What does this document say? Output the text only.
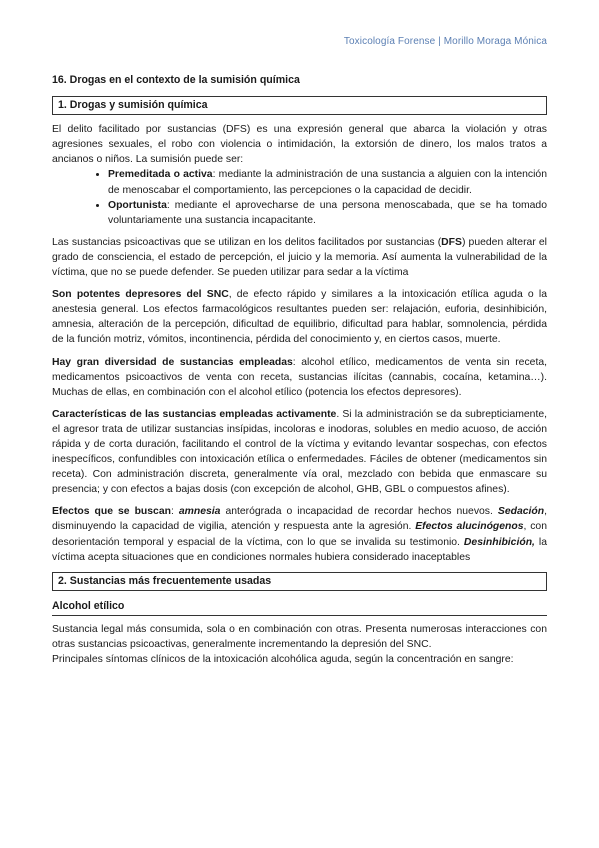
Toxicología Forense | Morillo Moraga Mónica
16. Drogas en el contexto de la sumisión química
1. Drogas y sumisión química
El delito facilitado por sustancias (DFS) es una expresión general que abarca la violación y otras agresiones sexuales, el robo con violencia o intimidación, la extorsión de dinero, los malos tratos a ancianos o niños. La sumisión puede ser:
• Premeditada o activa: mediante la administración de una sustancia a alguien con la intención de menoscabar el comportamiento, las percepciones o la capacidad de decidir.
• Oportunista: mediante el aprovecharse de una persona menoscabada, que se ha tomado voluntariamente una sustancia incapacitante.
Las sustancias psicoactivas que se utilizan en los delitos facilitados por sustancias (DFS) pueden alterar el grado de consciencia, el estado de percepción, el juicio y la memoria. Así aumenta la vulnerabilidad de la víctima, que no se puede defender. Se pueden utilizar para sedar a la víctima
Son potentes depresores del SNC, de efecto rápido y similares a la intoxicación etílica aguda o la anestesia general. Los efectos farmacológicos resultantes pueden ser: relajación, euforia, desinhibición, amnesia, alteración de la percepción, dificultad de equilibrio, dificultad para hablar, somnolencia, pérdida de la función motriz, vómitos, incontinencia, pérdida del conocimiento y, en ciertos casos, muerte.
Hay gran diversidad de sustancias empleadas: alcohol etílico, medicamentos de venta sin receta, medicamentos psicoactivos de venta con receta, sustancias ilícitas (cannabis, cocaína, ketamina…). Muchas de ellas, en combinación con el alcohol etílico (potencia los efectos depresores).
Características de las sustancias empleadas activamente. Si la administración se da subrepticiamente, el agresor trata de utilizar sustancias insípidas, incoloras e inodoras, solubles en medio acuoso, de acción rápida y de corta duración, facilitando el control de la víctima y evitando levantar sospechas, con efectos inespecíficos, confundibles con intoxicación etílica o enfermedades. Fáciles de obtener (medicamentos sin receta). Con administración discreta, generalmente vía oral, mezclado con bebida que enmascare su presencia; y con efectos a bajas dosis (con excepción de alcohol, GHB, GBL o compuestos afines).
Efectos que se buscan: amnesia anterógrada o incapacidad de recordar hechos nuevos. Sedación, disminuyendo la capacidad de vigilia, atención y respuesta ante la agresión. Efectos alucinógenos, con desorientación temporal y espacial de la víctima, con lo que se invalida su testimonio. Desinhibición, la víctima acepta situaciones que en condiciones normales hubiera considerado inaceptables
2. Sustancias más frecuentemente usadas
Alcohol etílico
Sustancia legal más consumida, sola o en combinación con otras. Presenta numerosas interacciones con otras sustancias psicoactivas, generalmente incrementando la depresión del SNC.
Principales síntomas clínicos de la intoxicación alcohólica aguda, según la concentración en sangre:
